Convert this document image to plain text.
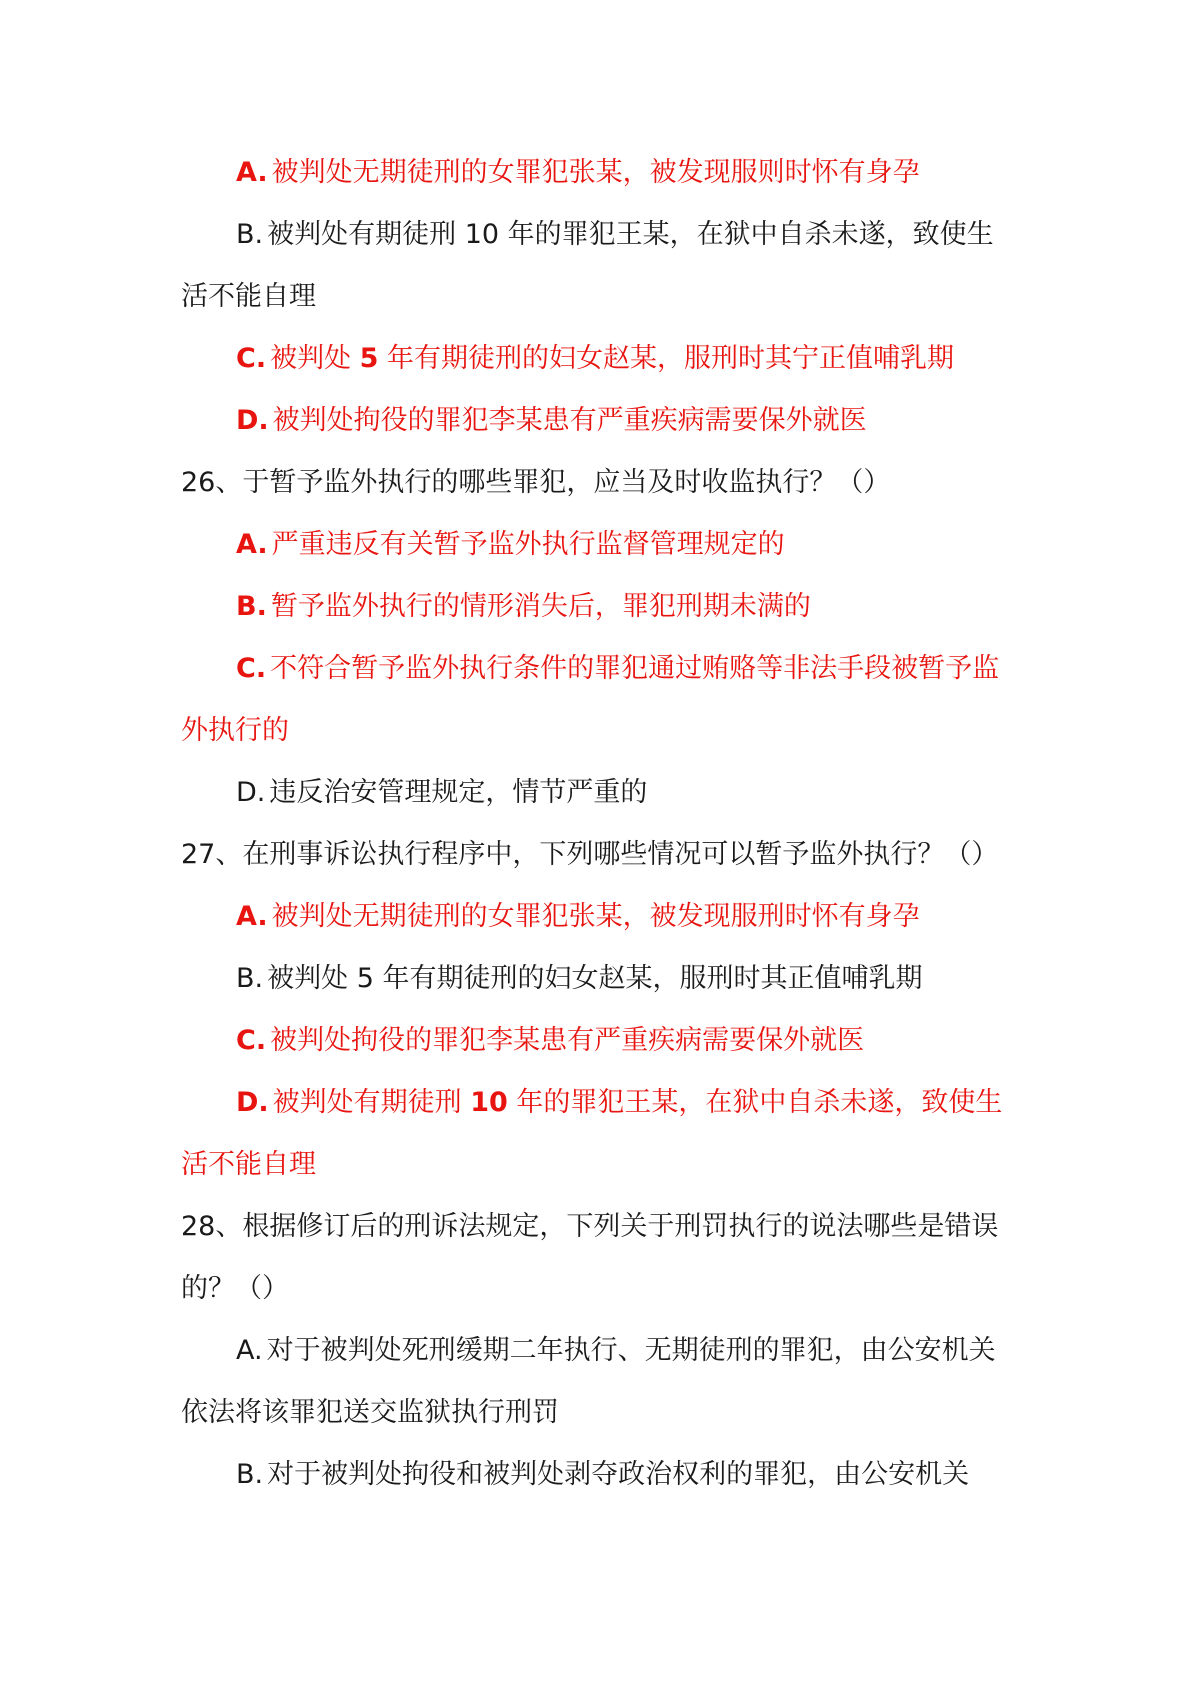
A. 被判处无期徒刑的女罪犯张某，被发现服则时怀有身孕

B. 被判处有期徒刑 10 年的罪犯王某，在狱中自杀未遂，致使生活不能自理

C. 被判处 5 年有期徒刑的妇女赵某，服刑时其宁正值哺乳期

D. 被判处拘役的罪犯李某患有严重疾病需要保外就医

26、于暂予监外执行的哪些罪犯，应当及时收监执行？（）

A. 严重违反有关暂予监外执行监督管理规定的

B. 暂予监外执行的情形消失后，罪犯刑期未满的

C. 不符合暂予监外执行条件的罪犯通过贿赂等非法手段被暂予监外执行的

D. 违反治安管理规定，情节严重的

27、在刑事诉讼执行程序中，下列哪些情况可以暂予监外执行？（）

A. 被判处无期徒刑的女罪犯张某，被发现服刑时怀有身孕

B. 被判处 5 年有期徒刑的妇女赵某，服刑时其正值哺乳期

C. 被判处拘役的罪犯李某患有严重疾病需要保外就医

D. 被判处有期徒刑 10 年的罪犯王某，在狱中自杀未遂，致使生活不能自理

28、根据修订后的刑诉法规定，下列关于刑罚执行的说法哪些是错误的？（）

A. 对于被判处死刑缓期二年执行、无期徒刑的罪犯，由公安机关依法将该罪犯送交监狱执行刑罚

B. 对于被判处拘役和被判处剥夺政治权利的罪犯，由公安机关
